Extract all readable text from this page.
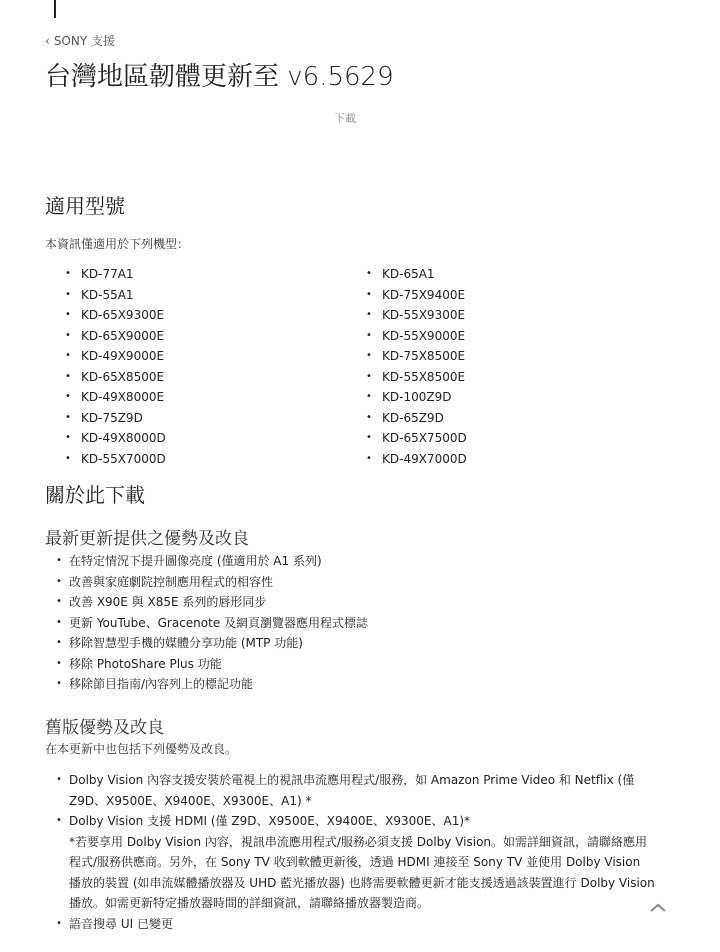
‹ SONY 支援
台灣地區韌體更新至 v6.5629
下載
適用型號
本資訊僅適用於下列機型：
• KD-77A1
• KD-55A1
• KD-65X9300E
• KD-65X9000E
• KD-49X9000E
• KD-65X8500E
• KD-49X8000E
• KD-75Z9D
• KD-49X8000D
• KD-55X7000D
• KD-65A1
• KD-75X9400E
• KD-55X9300E
• KD-55X9000E
• KD-75X8500E
• KD-55X8500E
• KD-100Z9D
• KD-65Z9D
• KD-65X7500D
• KD-49X7000D
關於此下載
最新更新提供之優勢及改良
• 在特定情況下提升圖像亮度 (僅適用於 A1 系列)
• 改善與家庭劇院控制應用程式的相容性
• 改善 X90E 與 X85E 系列的唇形同步
• 更新 YouTube、Gracenote 及網頁瀏覽器應用程式標誌
• 移除智慧型手機的媒體分享功能 (MTP 功能)
• 移除 PhotoShare Plus 功能
• 移除節目指南/內容列上的標記功能
舊版優勢及改良
在本更新中也包括下列優勢及改良。
• Dolby Vision 內容支援安裝於電視上的視訊串流應用程式/服務，如 Amazon Prime Video 和 Netflix (僅 Z9D、X9500E、X9400E、X9300E、A1) *
• Dolby Vision 支援 HDMI (僅 Z9D、X9500E、X9400E、X9300E、A1)*
*若要享用 Dolby Vision 內容，視訊串流應用程式/服務必須支援 Dolby Vision。如需詳細資訊，請聯絡應用程式/服務供應商。另外，在 Sony TV 收到軟體更新後，透過 HDMI 連接至 Sony TV 並使用 Dolby Vision 播放的裝置 (如串流媒體播放器及 UHD 藍光播放器) 也將需要軟體更新才能支援透過該裝置進行 Dolby Vision 播放。如需更新特定播放器時間的詳細資訊，請聯絡播放器製造商。
• 語音搜尋 UI 已變更
